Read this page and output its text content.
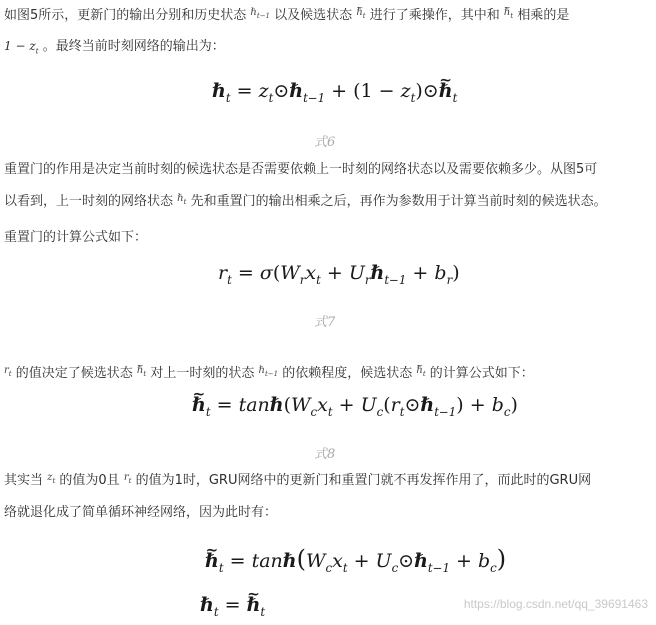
如图5所示，更新门的输出分别和历史状态 $^{\hbar_{t-1}}$ 以及候选状态 ~ $^{\hbar_t}$ 进行了乘操作，其中和 ~ $^{\hbar_t}$ 相乘的是
$1 - z_t$ 。最终当前时刻网络的输出为：
ℏ$_t$ = $z_t⊙\hbar_{t-1} + (1$ − $z_t)⊙\sim$ ℏ$_t$
式6
重置门的作用是决定当前时刻的候选状态是否需要依赖上一时刻的网络状态以及需要依赖多少。从图5可
以看到，上一时刻的网络状态 $^{\hbar_t}$ 先和重置门的输出相乘之后，再作为参数用于计算当前时刻的候选状态。
重置门的计算公式如下：
$r_t = \sigma(W_rx_t$ + $U_r\hbar_{t-1} + b_r$)
式7
$^{r_t}$ 的值决定了候选状态 ~ $^{\hbar_t}$ 对上一时刻的状态 $^{\hbar_{t-1}}$ 的依赖程度，候选状态 ~ $^{\hbar_t}$ 的计算公式如下：
~ ℏ$_t$ = $\tan\hbar(W_cx_t$ + $U_c(r_t⊙\hbar_{t-1}) + b_c$)
式8
其实当 $^{z_t}$ 的值为0且 $^{r_t}$ 的值为1时，GRU网络中的更新门和重置门就不再发挥作用了，而此时的GRU网
络就退化成了简单循环神经网络，因为此时有：
~ ℏ$_t$ = $\tan\hbar(W_cx_t$ + $U_c⊙\hbar_{t-1} + b_c$)
ℏ$_t$ = ~ ℏ$_t$
https://blog.csdn.net/qq_39691463
